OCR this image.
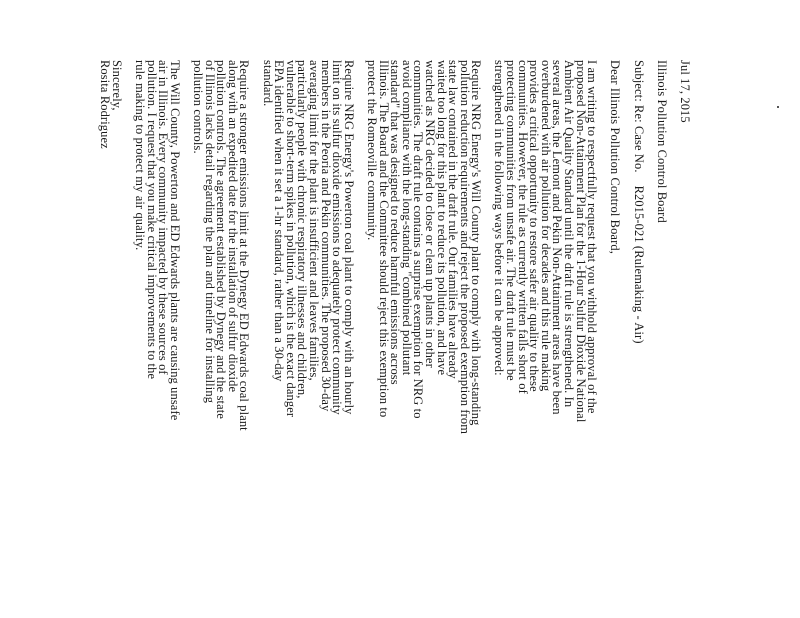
Jul 17, 2015
Illinois Pollution Control Board
Subject: Re: Case No.    R2015-021 (Rulemaking - Air)
Dear Illinois Pollution Control Board,
I am writing to respectfully request that you withhold approval of the
proposed Non-Attainment Plan for the 1-Hour Sulfur Dioxide National
Ambient Air Quality Standard until the draft rule is strengthened. In
several areas, the Lemont and Pekin Non-Attainment areas have been
overburdened with air pollution for decades and this rule making
provides a critical opportunity to restore safer air quality to these
communities. However, the rule as currently written falls short of
protecting communities from unsafe air. The draft rule must be
strengthened in the following ways before it can be approved:
Require NRG Energy's Will County plant to comply with long-standing
pollution reduction requirements and reject the proposed exemption from
state law contained in the draft rule. Our families have already
waited too long for this plant to reduce its pollution, and have
watched as NRG decided to close or clean up plants in other
communities. The draft rule contains a surprise exemption for NRG to
avoid compliance with the long-standing "combined pollutant
standard" that was designed to reduce harmful emissions across
Illinois. The Board and the Committee should reject this exemption to
protect the Romeoville community.
Require NRG Energy's Powerton coal plant to comply with an hourly
limit on its sulfur dioxide emissions to adequately protect community
members in the Peoria and Pekin communities. The proposed 30-day
averaging limit for the plant is insufficient and leaves families,
particularly people with chronic respiratory illnesses and children,
vulnerable to short-term spikes in pollution, which is the exact danger
EPA identified when it set a 1-hr standard, rather than a 30-day
standard.
Require a stronger emissions limit at the Dynegy ED Edwards coal plant
along with an expedited date for the installation of sulfur dioxide
pollution controls. The agreement established by Dynegy and the state
of Illinois lacks detail regarding the plan and timeline for installing
pollution controls.
The Will County, Powerton and ED Edwards plants are causing unsafe
air in Illinois. Every community impacted by these sources of
pollution. I request that you make critical improvements to the
rule making to protect my air quality.
Sincerely,
Rosita Rodriguez
